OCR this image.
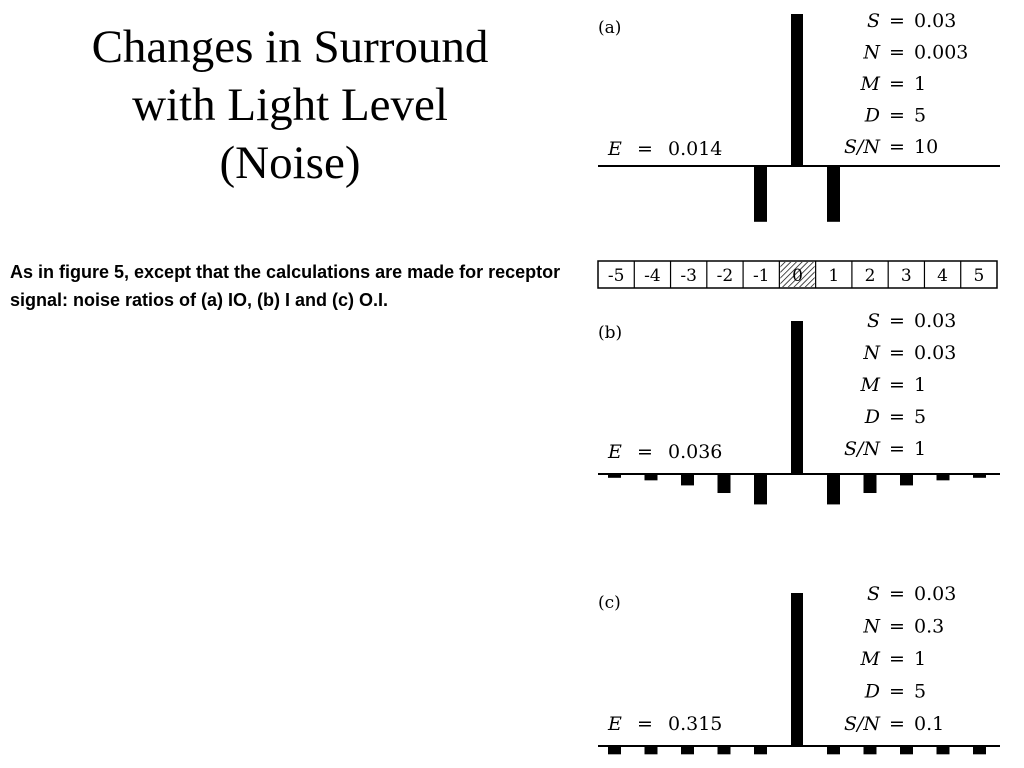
Changes in Surround
with Light Level
(Noise)

As in figure 5, except that the calculations are made for receptor signal: noise ratios of (a) IO, (b) I and (c) O.I.

(a)	S = 0.03
N = 0.003
M = 1
D = 5
S/N = 10
E = 0.014
(b)
S = 0.03
N = 0.03
M = 1
D = 5
S/N = 1
E = 0.036
(c)	S = 0.03
N = 0.3
M = 1
D = 5
S/N = 0.1
E = 0.315
-5 -4 -3 -2 -1 0 1 2 3 4 5
